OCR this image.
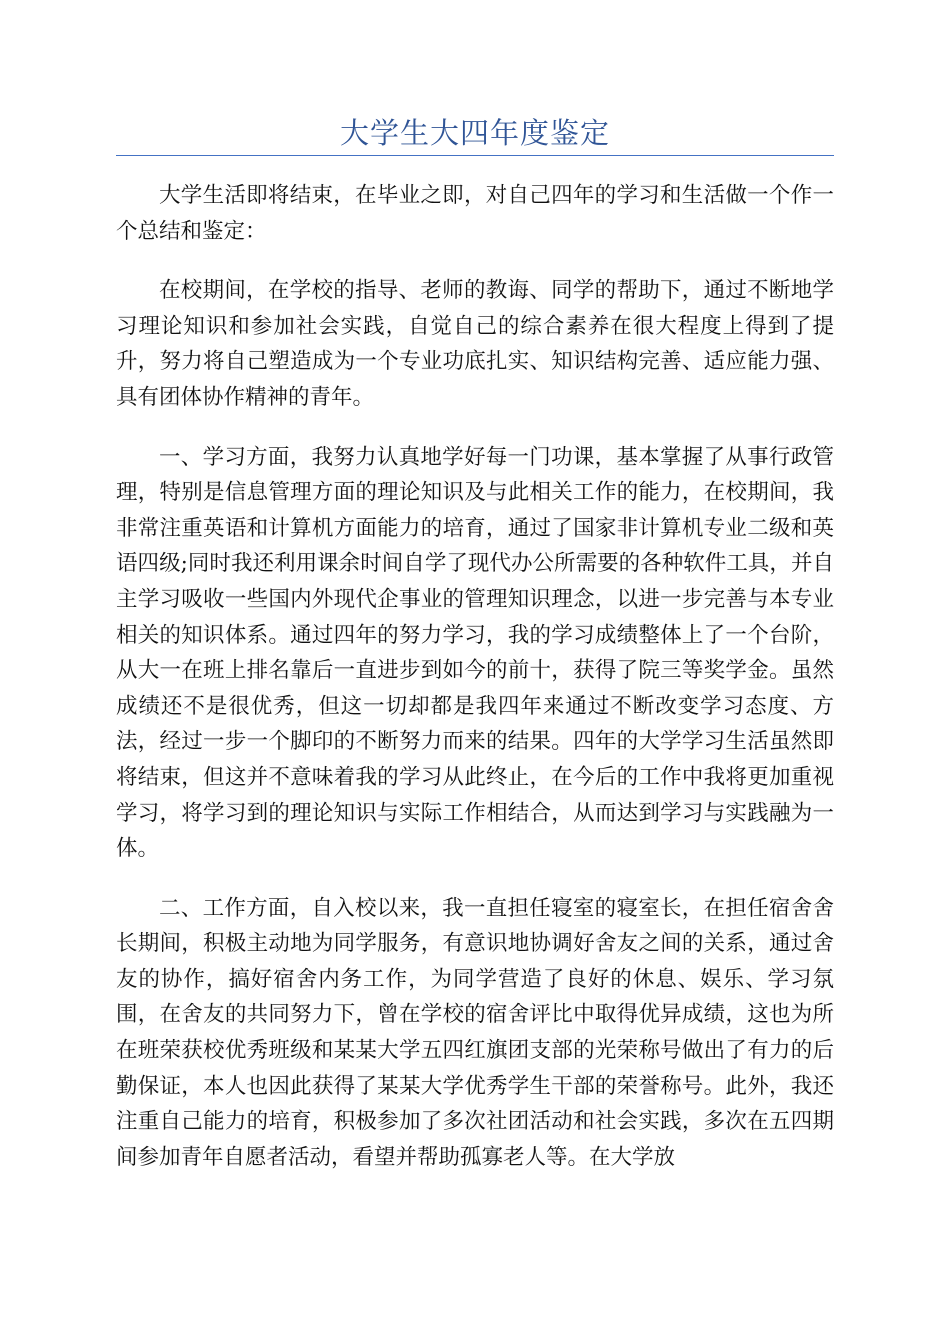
大学生大四年度鉴定

大学生活即将结束，在毕业之即，对自己四年的学习和生活做一个作一个总结和鉴定：

在校期间，在学校的指导、老师的教诲、同学的帮助下，通过不断地学习理论知识和参加社会实践，自觉自己的综合素养在很大程度上得到了提升，努力将自己塑造成为一个专业功底扎实、知识结构完善、适应能力强、具有团体协作精神的青年。

一、学习方面，我努力认真地学好每一门功课，基本掌握了从事行政管理，特别是信息管理方面的理论知识及与此相关工作的能力，在校期间，我非常注重英语和计算机方面能力的培育，通过了国家非计算机专业二级和英语四级;同时我还利用课余时间自学了现代办公所需要的各种软件工具，并自主学习吸收一些国内外现代企事业的管理知识理念，以进一步完善与本专业相关的知识体系。通过四年的努力学习，我的学习成绩整体上了一个台阶，从大一在班上排名靠后一直进步到如今的前十，获得了院三等奖学金。虽然成绩还不是很优秀，但这一切却都是我四年来通过不断改变学习态度、方法，经过一步一个脚印的不断努力而来的结果。四年的大学学习生活虽然即将结束，但这并不意味着我的学习从此终止，在今后的工作中我将更加重视学习，将学习到的理论知识与实际工作相结合，从而达到学习与实践融为一体。

二、工作方面，自入校以来，我一直担任寝室的寝室长，在担任宿舍舍长期间，积极主动地为同学服务，有意识地协调好舍友之间的关系，通过舍友的协作，搞好宿舍内务工作，为同学营造了良好的休息、娱乐、学习氛围，在舍友的共同努力下，曾在学校的宿舍评比中取得优异成绩，这也为所在班荣获校优秀班级和某某大学五四红旗团支部的光荣称号做出了有力的后勤保证，本人也因此获得了某某大学优秀学生干部的荣誉称号。此外，我还注重自己能力的培育，积极参加了多次社团活动和社会实践，多次在五四期间参加青年自愿者活动，看望并帮助孤寡老人等。在大学放
